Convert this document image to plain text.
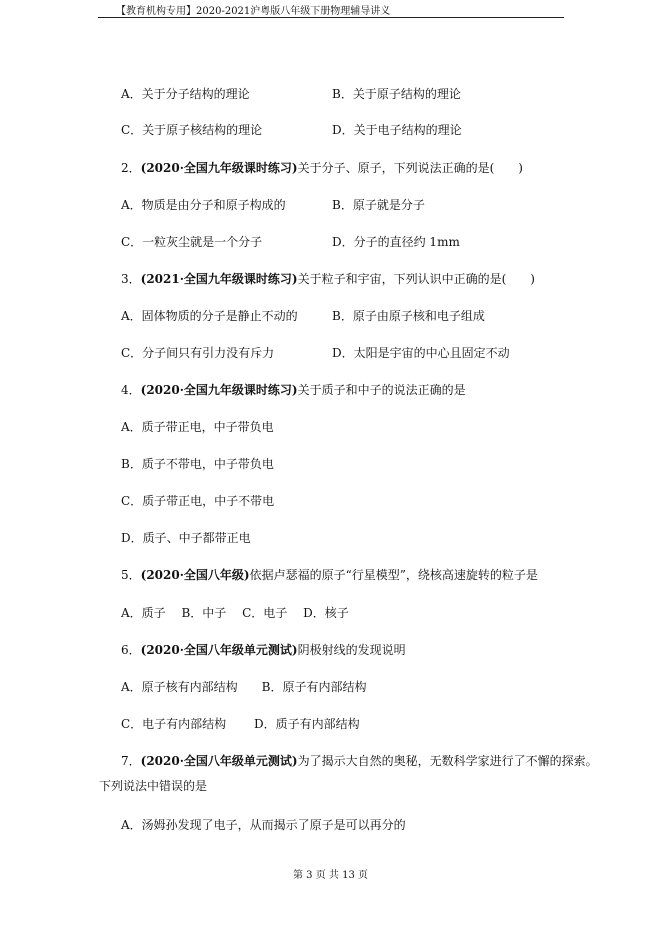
【教育机构专用】2020-2021沪粤版八年级下册物理辅导讲义
A．关于分子结构的理论	B．关于原子结构的理论
C．关于原子核结构的理论	D．关于电子结构的理论
2．(2020·全国九年级课时练习)关于分子、原子，下列说法正确的是(　　)
A．物质是由分子和原子构成的	B．原子就是分子
C．一粒灰尘就是一个分子	D．分子的直径约 1mm
3．(2021·全国九年级课时练习)关于粒子和宇宙，下列认识中正确的是(　　)
A．固体物质的分子是静止不动的	B．原子由原子核和电子组成
C．分子间只有引力没有斥力	D．太阳是宇宙的中心且固定不动
4．(2020·全国九年级课时练习)关于质子和中子的说法正确的是
A．质子带正电，中子带负电
B．质子不带电，中子带负电
C．质子带正电，中子不带电
D．质子、中子都带正电
5．(2020·全国八年级)依据卢瑟福的原子“行星模型”，绕核高速旋转的粒子是
A．质子　 B．中子　 C．电子　 D．核子
6．(2020·全国八年级单元测试)阴极射线的发现说明
A．原子核有内部结构　　B．原子有内部结构
C．电子有内部结构　　 D．质子有内部结构
7．(2020·全国八年级单元测试)为了揭示大自然的奥秘，无数科学家进行了不懈的探索。
下列说法中错误的是
A．汤姆孙发现了电子，从而揭示了原子是可以再分的
第 3 页 共 13 页
